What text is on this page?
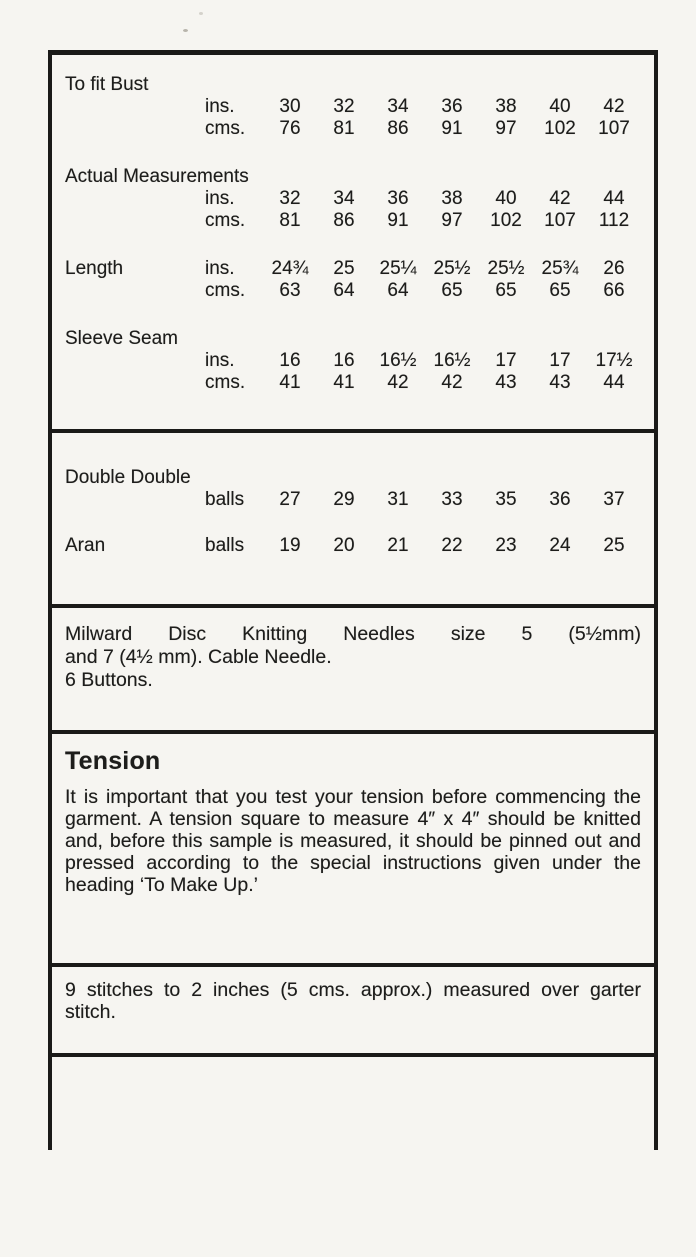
To fit Bust
ins.	30	32	34	36	38	40	42
cms.	76	81	86	91	97	102	107
Actual Measurements
ins.	32	34	36	38	40	42	44
cms.	81	86	91	97	102	107	112
Length	ins.	24¾	25	25¼ 25½ 25½ 25¾	26
cms.	63	64	64	65	65	65	66
Sleeve Seam
ins.	16	16	16½ 16½	17	17	17½
cms.	41	41	42	42	43	43	44
Double Double
balls	27	29	31	33	35	36	37
Aran	balls	19	20	21	22	23	24	25

Milward Disc Knitting Needles size 5 (5½mm)

and 7 (4½ mm). Cable Needle.

6 Buttons.

Tension

It is important that you test your tension before commencing the garment. A tension square to measure 4″ x 4″ should be knitted and, before this sample is measured, it should be pinned out and pressed according to the special instructions given under the heading ‘To Make Up.’

9 stitches to 2 inches (5 cms. approx.) measured over garter stitch.
